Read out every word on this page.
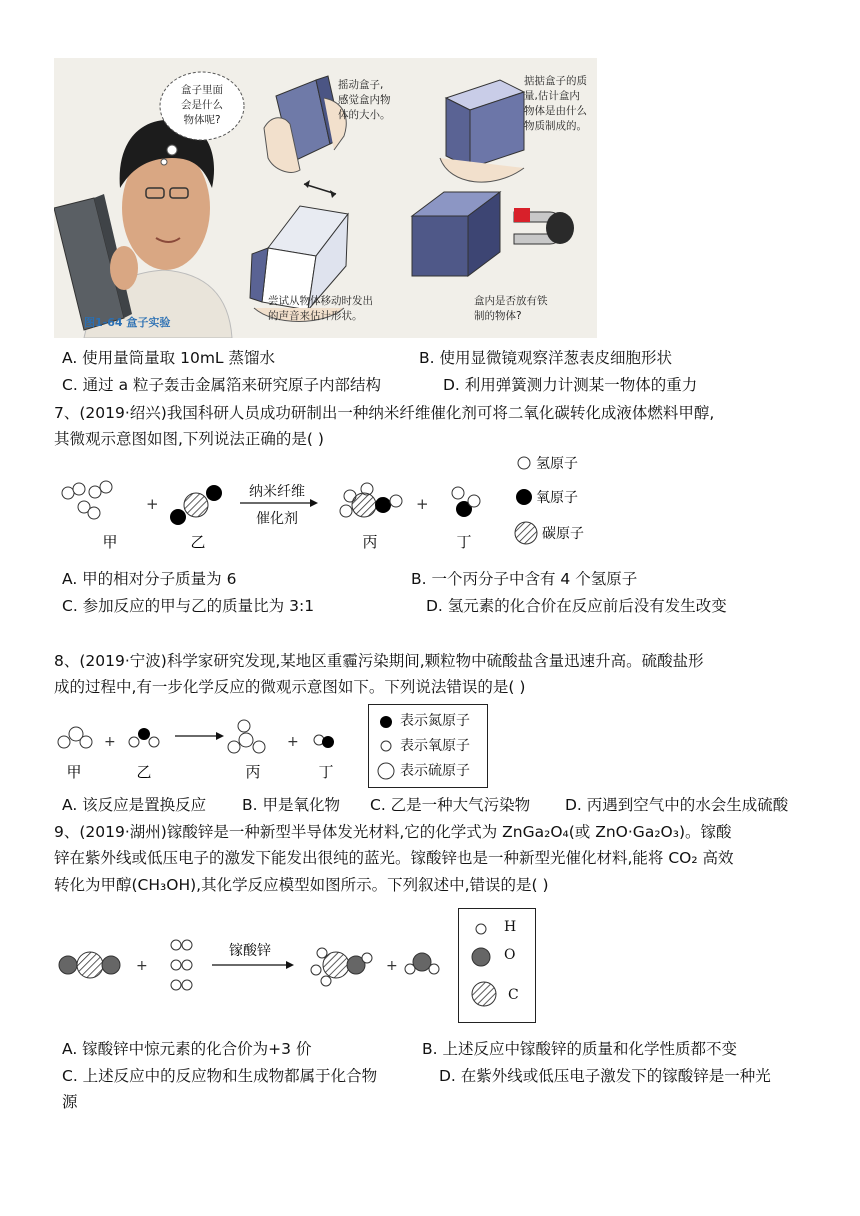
盒子里面
会是什么
物体呢?
摇动盒子,
感觉盒内物
体的大小。
掂掂盒子的质
量,估计盒内
物体是由什么
物质制成的。
尝试从物体移动时发出
的声音来估计形状。
盒内是否放有铁
制的物体?
图1-64 盒子实验
A. 使用量筒量取 10mL 蒸馏水	B. 使用显微镜观察洋葱表皮细胞形状
C. 通过 a 粒子轰击金属箔来研究原子内部结构	D. 利用弹簧测力计测某一物体的重力
7、(2019·绍兴)我国科研人员成功研制出一种纳米纤维催化剂可将二氧化碳转化成液体燃料甲醇,
其微观示意图如图,下列说法正确的是( )
+
纳米纤维
催化剂
+
甲	乙	丙	丁
氢原子
氧原子
碳原子
A. 甲的相对分子质量为 6	B. 一个丙分子中含有 4 个氢原子
C. 参加反应的甲与乙的质量比为 3:1	D. 氢元素的化合价在反应前后没有发生改变
8、(2019·宁波)科学家研究发现,某地区重霾污染期间,颗粒物中硫酸盐含量迅速升高。硫酸盐形
成的过程中,有一步化学反应的微观示意图如下。下列说法错误的是( )
+	+
甲	乙	丙	丁
表示氮原子
表示氧原子
表示硫原子
A. 该反应是置换反应 B. 甲是氧化物 C. 乙是一种大气污染物 D. 丙遇到空气中的水会生成硫酸
9、(2019·湖州)镓酸锌是一种新型半导体发光材料,它的化学式为 ZnGa₂O₄(或 ZnO·Ga₂O₃)。镓酸
锌在紫外线或低压电子的激发下能发出很纯的蓝光。镓酸锌也是一种新型光催化材料,能将 CO₂ 高效
转化为甲醇(CH₃OH),其化学反应模型如图所示。下列叙述中,错误的是( )
+
镓酸锌
+
H
O
C
A. 镓酸锌中惊元素的化合价为+3 价	B. 上述反应中镓酸锌的质量和化学性质都不变
C. 上述反应中的反应物和生成物都属于化合物	D. 在紫外线或低压电子激发下的镓酸锌是一种光
源
